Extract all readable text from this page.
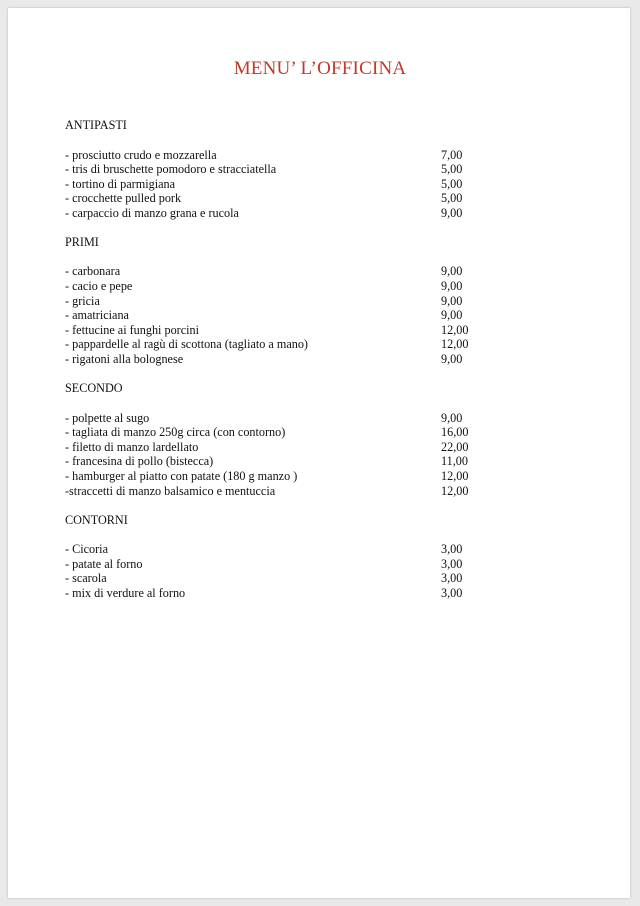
MENU’ L’OFFICINA
ANTIPASTI
- prosciutto crudo e mozzarella	7,00
- tris di bruschette pomodoro e stracciatella	5,00
- tortino di parmigiana	5,00
- crocchette pulled pork	5,00
- carpaccio di manzo grana e rucola	9,00
PRIMI
- carbonara	9,00
- cacio e pepe	9,00
- gricia	9,00
- amatriciana	9,00
- fettucine ai funghi porcini	12,00
- pappardelle al ragù di scottona (tagliato a mano)	12,00
- rigatoni alla bolognese	9,00
SECONDO
- polpette al sugo	9,00
- tagliata di manzo 250g circa (con contorno)	16,00
- filetto di manzo lardellato	22,00
- francesina di pollo (bistecca)	11,00
- hamburger al piatto con patate (180 g manzo )	12,00
-straccetti di manzo balsamico e mentuccia	12,00
CONTORNI
- Cicoria	3,00
- patate al forno	3,00
- scarola	3,00
- mix di verdure al forno	3,00
